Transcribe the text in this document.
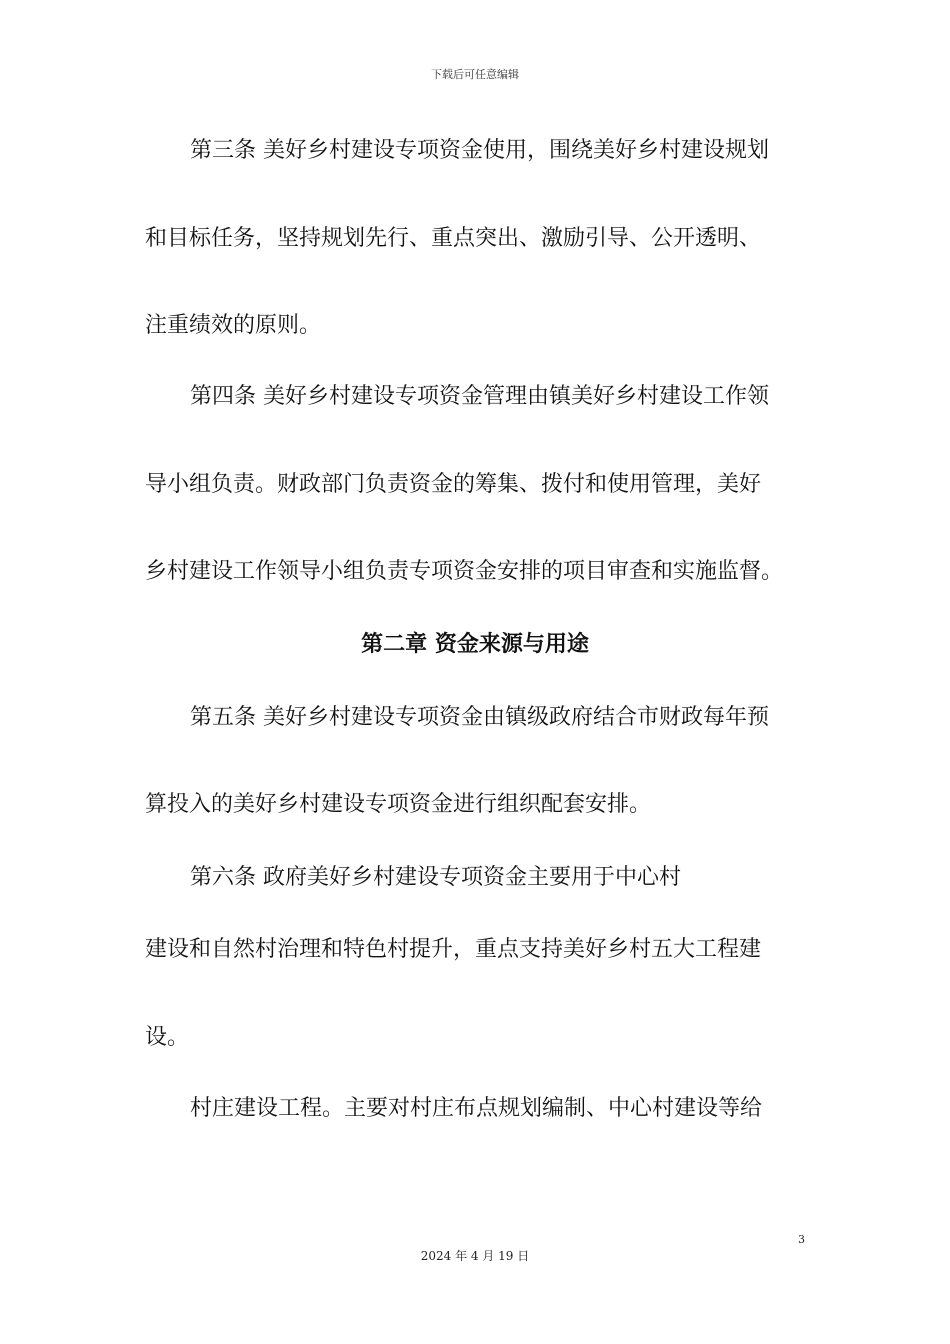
下载后可任意编辑
第三条 美好乡村建设专项资金使用，围绕美好乡村建设规划
和目标任务，坚持规划先行、重点突出、激励引导、公开透明、
注重绩效的原则。
第四条 美好乡村建设专项资金管理由镇美好乡村建设工作领
导小组负责。财政部门负责资金的筹集、拨付和使用管理，美好
乡村建设工作领导小组负责专项资金安排的项目审查和实施监督。
第二章 资金来源与用途
第五条 美好乡村建设专项资金由镇级政府结合市财政每年预
算投入的美好乡村建设专项资金进行组织配套安排。
第六条 政府美好乡村建设专项资金主要用于中心村
建设和自然村治理和特色村提升，重点支持美好乡村五大工程建
设。
村庄建设工程。主要对村庄布点规划编制、中心村建设等给
3
2024 年 4 月 19 日
